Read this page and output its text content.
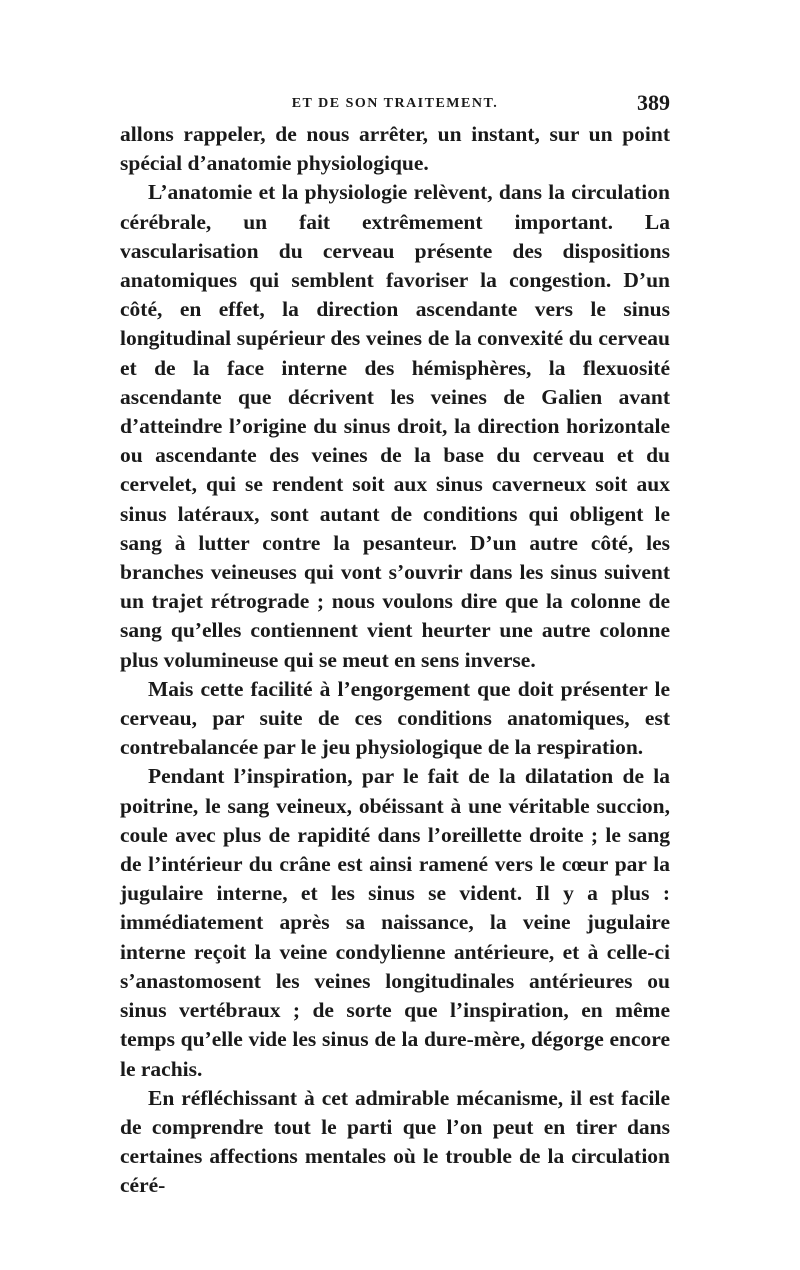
ET DE SON TRAITEMENT.	389

allons rappeler, de nous arrêter, un instant, sur un point spécial d’anatomie physiologique.

L’anatomie et la physiologie relèvent, dans la circulation cérébrale, un fait extrêmement important. La vascularisation du cerveau présente des dispositions anatomiques qui semblent favoriser la congestion. D’un côté, en effet, la direction ascendante vers le sinus longitudinal supérieur des veines de la convexité du cerveau et de la face interne des hémisphères, la flexuosité ascendante que décrivent les veines de Galien avant d’atteindre l’origine du sinus droit, la direction horizontale ou ascendante des veines de la base du cerveau et du cervelet, qui se rendent soit aux sinus caverneux soit aux sinus latéraux, sont autant de conditions qui obligent le sang à lutter contre la pesanteur. D’un autre côté, les branches veineuses qui vont s’ouvrir dans les sinus suivent un trajet rétrograde ; nous voulons dire que la colonne de sang qu’elles contiennent vient heurter une autre colonne plus volumineuse qui se meut en sens inverse.

Mais cette facilité à l’engorgement que doit présenter le cerveau, par suite de ces conditions anatomiques, est contrebalancée par le jeu physiologique de la respiration.

Pendant l’inspiration, par le fait de la dilatation de la poitrine, le sang veineux, obéissant à une véritable succion, coule avec plus de rapidité dans l’oreillette droite ; le sang de l’intérieur du crâne est ainsi ramené vers le cœur par la jugulaire interne, et les sinus se vident. Il y a plus : immédiatement après sa naissance, la veine jugulaire interne reçoit la veine condylienne antérieure, et à celle-ci s’anastomosent les veines longitudinales antérieures ou sinus vertébraux ; de sorte que l’inspiration, en même temps qu’elle vide les sinus de la dure-mère, dégorge encore le rachis.

En réfléchissant à cet admirable mécanisme, il est facile de comprendre tout le parti que l’on peut en tirer dans certaines affections mentales où le trouble de la circulation céré-
